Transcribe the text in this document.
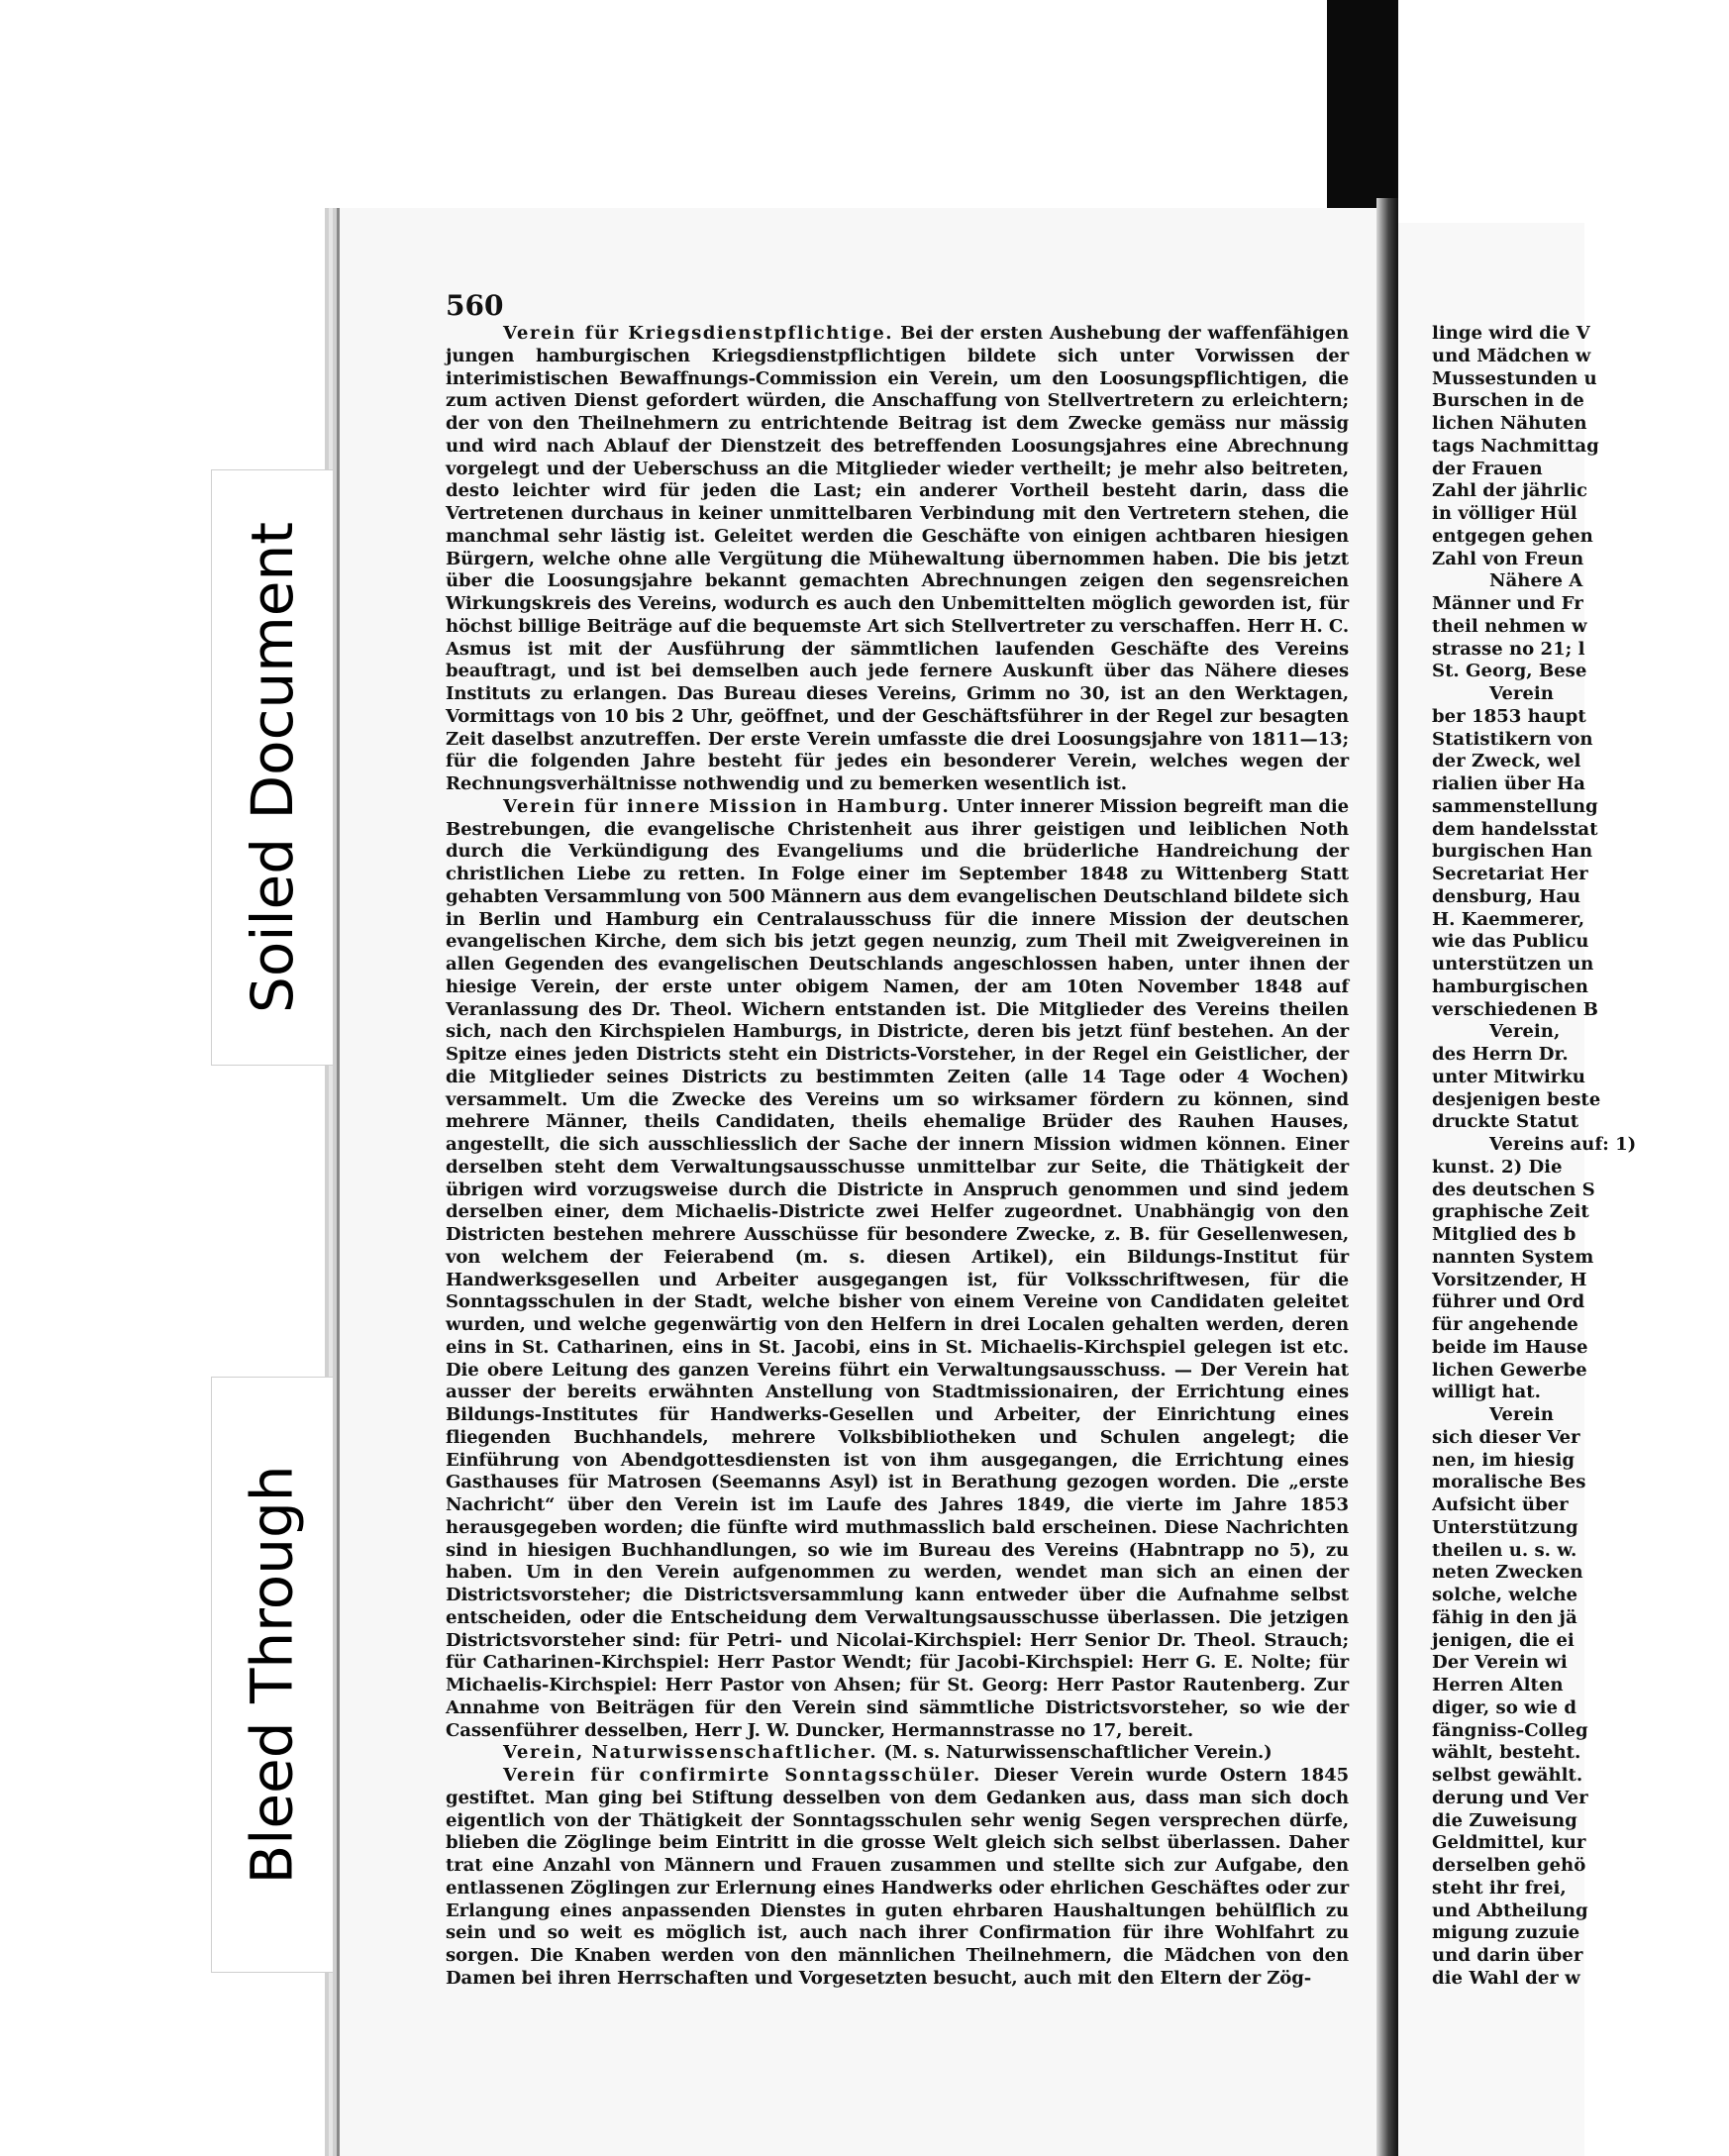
560

Verein für Kriegsdienstpflichtige. Bei der ersten Aushebung der waffenfähigen jungen hamburgischen Kriegsdienstpflichtigen bildete sich unter Vorwissen der interimistischen Bewaffnungs-Commission ein Verein, um den Loosungspflichtigen, die zum activen Dienst gefordert würden, die Anschaffung von Stellvertretern zu erleichtern; der von den Theilnehmern zu entrichtende Beitrag ist dem Zwecke gemäss nur mässig und wird nach Ablauf der Dienstzeit des betreffenden Loosungsjahres eine Abrechnung vorgelegt und der Ueberschuss an die Mitglieder wieder vertheilt; je mehr also beitreten, desto leichter wird für jeden die Last; ein anderer Vortheil besteht darin, dass die Vertretenen durchaus in keiner unmittelbaren Verbindung mit den Vertretern stehen, die manchmal sehr lästig ist. Geleitet werden die Geschäfte von einigen achtbaren hiesigen Bürgern, welche ohne alle Vergütung die Mühewaltung übernommen haben. Die bis jetzt über die Loosungsjahre bekannt gemachten Abrechnungen zeigen den segensreichen Wirkungskreis des Vereins, wodurch es auch den Unbemittelten möglich geworden ist, für höchst billige Beiträge auf die bequemste Art sich Stellvertreter zu verschaffen. Herr H. C. Asmus ist mit der Ausführung der sämmtlichen laufenden Geschäfte des Vereins beauftragt, und ist bei demselben auch jede fernere Auskunft über das Nähere dieses Instituts zu erlangen. Das Bureau dieses Vereins, Grimm no 30, ist an den Werktagen, Vormittags von 10 bis 2 Uhr, geöffnet, und der Geschäftsführer in der Regel zur besagten Zeit daselbst anzutreffen. Der erste Verein umfasste die drei Loosungsjahre von 1811—13; für die folgenden Jahre besteht für jedes ein besonderer Verein, welches wegen der Rechnungsverhältnisse nothwendig und zu bemerken wesentlich ist.

Verein für innere Mission in Hamburg. Unter innerer Mission begreift man die Bestrebungen, die evangelische Christenheit aus ihrer geistigen und leiblichen Noth durch die Verkündigung des Evangeliums und die brüderliche Handreichung der christlichen Liebe zu retten. In Folge einer im September 1848 zu Wittenberg Statt gehabten Versammlung von 500 Männern aus dem evangelischen Deutschland bildete sich in Berlin und Hamburg ein Centralausschuss für die innere Mission der deutschen evangelischen Kirche, dem sich bis jetzt gegen neunzig, zum Theil mit Zweigvereinen in allen Gegenden des evangelischen Deutschlands angeschlossen haben, unter ihnen der hiesige Verein, der erste unter obigem Namen, der am 10ten November 1848 auf Veranlassung des Dr. Theol. Wichern entstanden ist. Die Mitglieder des Vereins theilen sich, nach den Kirchspielen Hamburgs, in Districte, deren bis jetzt fünf bestehen. An der Spitze eines jeden Districts steht ein Districts-Vorsteher, in der Regel ein Geistlicher, der die Mitglieder seines Districts zu bestimmten Zeiten (alle 14 Tage oder 4 Wochen) versammelt. Um die Zwecke des Vereins um so wirksamer fördern zu können, sind mehrere Männer, theils Candidaten, theils ehemalige Brüder des Rauhen Hauses, angestellt, die sich ausschliesslich der Sache der innern Mission widmen können. Einer derselben steht dem Verwaltungsausschusse unmittelbar zur Seite, die Thätigkeit der übrigen wird vorzugsweise durch die Districte in Anspruch genommen und sind jedem derselben einer, dem Michaelis-Districte zwei Helfer zugeordnet. Unabhängig von den Districten bestehen mehrere Ausschüsse für besondere Zwecke, z. B. für Gesellenwesen, von welchem der Feierabend (m. s. diesen Artikel), ein Bildungs-Institut für Handwerksgesellen und Arbeiter ausgegangen ist, für Volksschriftwesen, für die Sonntagsschulen in der Stadt, welche bisher von einem Vereine von Candidaten geleitet wurden, und welche gegenwärtig von den Helfern in drei Localen gehalten werden, deren eins in St. Catharinen, eins in St. Jacobi, eins in St. Michaelis-Kirchspiel gelegen ist etc. Die obere Leitung des ganzen Vereins führt ein Verwaltungsausschuss. — Der Verein hat ausser der bereits erwähnten Anstellung von Stadtmissionairen, der Errichtung eines Bildungs-Institutes für Handwerks-Gesellen und Arbeiter, der Einrichtung eines fliegenden Buchhandels, mehrere Volksbibliotheken und Schulen angelegt; die Einführung von Abendgottesdiensten ist von ihm ausgegangen, die Errichtung eines Gasthauses für Matrosen (Seemanns Asyl) ist in Berathung gezogen worden. Die „erste Nachricht“ über den Verein ist im Laufe des Jahres 1849, die vierte im Jahre 1853 herausgegeben worden; die fünfte wird muthmasslich bald erscheinen. Diese Nachrichten sind in hiesigen Buchhandlungen, so wie im Bureau des Vereins (Habntrapp no 5), zu haben. Um in den Verein aufgenommen zu werden, wendet man sich an einen der Districtsvorsteher; die Districtsversammlung kann entweder über die Aufnahme selbst entscheiden, oder die Entscheidung dem Verwaltungsausschusse überlassen. Die jetzigen Districtsvorsteher sind: für Petri- und Nicolai-Kirchspiel: Herr Senior Dr. Theol. Strauch; für Catharinen-Kirchspiel: Herr Pastor Wendt; für Jacobi-Kirchspiel: Herr G. E. Nolte; für Michaelis-Kirchspiel: Herr Pastor von Ahsen; für St. Georg: Herr Pastor Rautenberg. Zur Annahme von Beiträgen für den Verein sind sämmtliche Districtsvorsteher, so wie der Cassenführer desselben, Herr J. W. Duncker, Hermannstrasse no 17, bereit.

Verein, Naturwissenschaftlicher. (M. s. Naturwissenschaftlicher Verein.)

Verein für confirmirte Sonntagsschüler. Dieser Verein wurde Ostern 1845 gestiftet. Man ging bei Stiftung desselben von dem Gedanken aus, dass man sich doch eigentlich von der Thätigkeit der Sonntagsschulen sehr wenig Segen versprechen dürfe, blieben die Zöglinge beim Eintritt in die grosse Welt gleich sich selbst überlassen. Daher trat eine Anzahl von Männern und Frauen zusammen und stellte sich zur Aufgabe, den entlassenen Zöglingen zur Erlernung eines Handwerks oder ehrlichen Geschäftes oder zur Erlangung eines anpassenden Dienstes in guten ehrbaren Haushaltungen behülflich zu sein und so weit es möglich ist, auch nach ihrer Confirmation für ihre Wohlfahrt zu sorgen. Die Knaben werden von den männlichen Theilnehmern, die Mädchen von den Damen bei ihren Herrschaften und Vorgesetzten besucht, auch mit den Eltern der Zög-

linge wird die V
und Mädchen w
Mussestunden u
Burschen in de
lichen Nähuten
tags Nachmittag
der Frauen
Zahl der jährlic
in völliger Hül
entgegen gehen
Zahl von Freun
Nähere A
Männer und Fr
theil nehmen w
strasse no 21; l
St. Georg, Bese
Verein
ber 1853 haupt
Statistikern von
der Zweck, wel
rialien über Ha
sammenstellung
dem handelsstat
burgischen Han
Secretariat Her
densburg, Hau
H. Kaemmerer,
wie das Publicu
unterstützen un
hamburgischen
verschiedenen B
Verein,
des Herrn Dr.
unter Mitwirku
desjenigen beste
druckte Statut
Vereins auf: 1)
kunst. 2) Die
des deutschen S
graphische Zeit
Mitglied des b
nannten System
Vorsitzender, H
führer und Ord
für angehende
beide im Hause
lichen Gewerbe
willigt hat.
Verein
sich dieser Ver
nen, im hiesig
moralische Bes
Aufsicht über
Unterstützung
theilen u. s. w.
neten Zwecken
solche, welche
fähig in den jä
jenigen, die ei
Der Verein wi
Herren Alten
diger, so wie d
fängniss-Colleg
wählt, besteht.
selbst gewählt.
derung und Ver
die Zuweisung
Geldmittel, kur
derselben gehö
steht ihr frei,
und Abtheilung
migung zuzuie
und darin über
die Wahl der w
Soiled Document
Bleed Through
